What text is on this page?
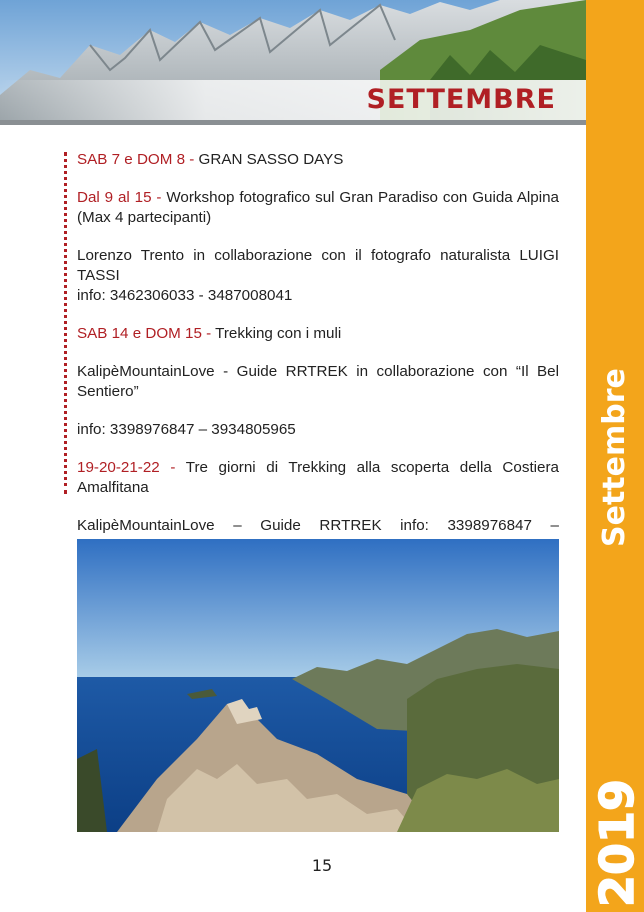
SETTEMBRE
Settembre
2019

SAB 7 e DOM 8 - GRAN SASSO DAYS

Dal 9 al 15 - Workshop fotografico sul Gran Paradiso con Guida Alpina (Max 4 partecipanti)

Lorenzo Trento in collaborazione con il fotografo naturalista LUIGI TASSI
info: 3462306033 - 3487008041

SAB 14 e DOM 15 - Trekking con i muli

KalipèMountainLove - Guide RRTREK in collaborazione con “Il Bel Sentiero”

info: 3398976847 – 3934805965

19-20-21-22 - Tre giorni di Trekking alla scoperta della Costiera Amalfitana

KalipèMountainLove – Guide RRTREK info: 3398976847 –

15
